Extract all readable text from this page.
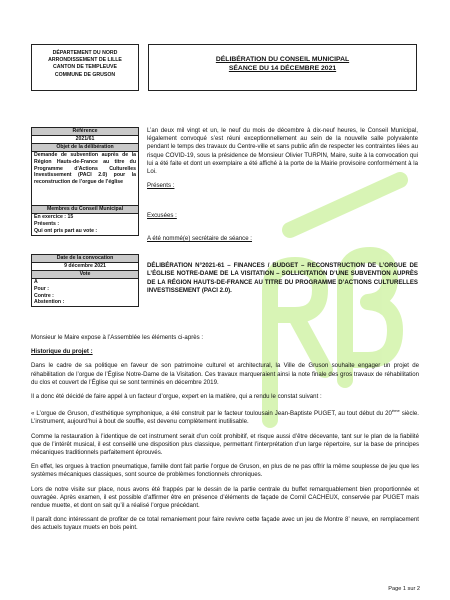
DÉPARTEMENT DU NORD
ARRONDISSEMENT DE LILLE
CANTON DE TEMPLEUVE
COMMUNE DE GRUSON
DÉLIBÉRATION DU CONSEIL MUNICIPAL
SÉANCE DU 14 DÉCEMBRE 2021
Référence
2021/61
Objet de la délibération
Demande de subvention auprès de la Région Hauts-de-France au titre du Programme d’Actions Culturelles Investissement (PACI 2.0) pour la reconstruction de l’orgue de l’église
Membres du Conseil Municipal
En exercice : 15
Présents :
Qui ont pris part au vote :
Date de la convocation
9 décembre 2021
Vote
A
Pour :
Contre :
Abstention :

L’an deux mil vingt et un, le neuf du mois de décembre à dix-neuf heures, le Conseil Municipal, légalement convoqué s’est réuni exceptionnellement au sein de la nouvelle salle polyvalente pendant le temps des travaux du Centre-ville et sans public afin de respecter les contraintes liées au risque COVID-19, sous la présidence de Monsieur Olivier TURPIN, Maire, suite à la convocation qui lui a été faite et dont un exemplaire a été affiché à la porte de la Mairie provisoire conformément à la Loi.

Présents :

Excusées :

A été nommé(e) secrétaire de séance :

DÉLIBÉRATION N°2021-61 – FINANCES / BUDGET – RECONSTRUCTION DE L’ORGUE DE L’ÉGLISE NOTRE-DAME DE LA VISITATION – SOLLICITATION D’UNE SUBVENTION AUPRÈS DE LA RÉGION HAUTS-DE-FRANCE AU TITRE DU PROGRAMME D’ACTIONS CULTURELLES INVESTISSEMENT (PACI 2.0).

Monsieur le Maire expose à l’Assemblée les éléments ci-après :

Historique du projet :

Dans le cadre de sa politique en faveur de son patrimoine culturel et architectural, la Ville de Gruson souhaite engager un projet de réhabilitation de l’orgue de l’Église Notre-Dame de la Visitation. Ces travaux marqueraient ainsi la note finale des gros travaux de réhabilitation du clos et couvert de l’Église qui se sont terminés en décembre 2019.

Il a donc été décidé de faire appel à un facteur d’orgue, expert en la matière, qui a rendu le constat suivant :

« L’orgue de Gruson, d’esthétique symphonique, a été construit par le facteur toulousain Jean-Baptiste PUGET, au tout début du 20ème siècle. L’instrument, aujourd’hui à bout de souffle, est devenu complètement inutilisable.

Comme la restauration à l’identique de cet instrument serait d’un coût prohibitif, et risque aussi d’être décevante, tant sur le plan de la fiabilité que de l’intérêt musical, il est conseillé une disposition plus classique, permettant l’interprétation d’un large répertoire, sur la base de principes mécaniques traditionnels parfaitement éprouvés.

En effet, les orgues à traction pneumatique, famille dont fait partie l’orgue de Gruson, en plus de ne pas offrir la même souplesse de jeu que les systèmes mécaniques classiques, sont source de problèmes fonctionnels chroniques.

Lors de notre visite sur place, nous avons été frappés par le dessin de la partie centrale du buffet remarquablement bien proportionnée et ouvragée. Après examen, il est possible d’affirmer être en présence d’éléments de façade de Cornil CACHEUX, conservée par PUGET mais rendue muette, et dont on sait qu’il a réalisé l’orgue précédant.

Il paraît donc intéressant de profiter de ce total remaniement pour faire revivre cette façade avec un jeu de Montre 8’ neuve, en remplacement des actuels tuyaux muets en bois peint.

Page 1 sur 2
